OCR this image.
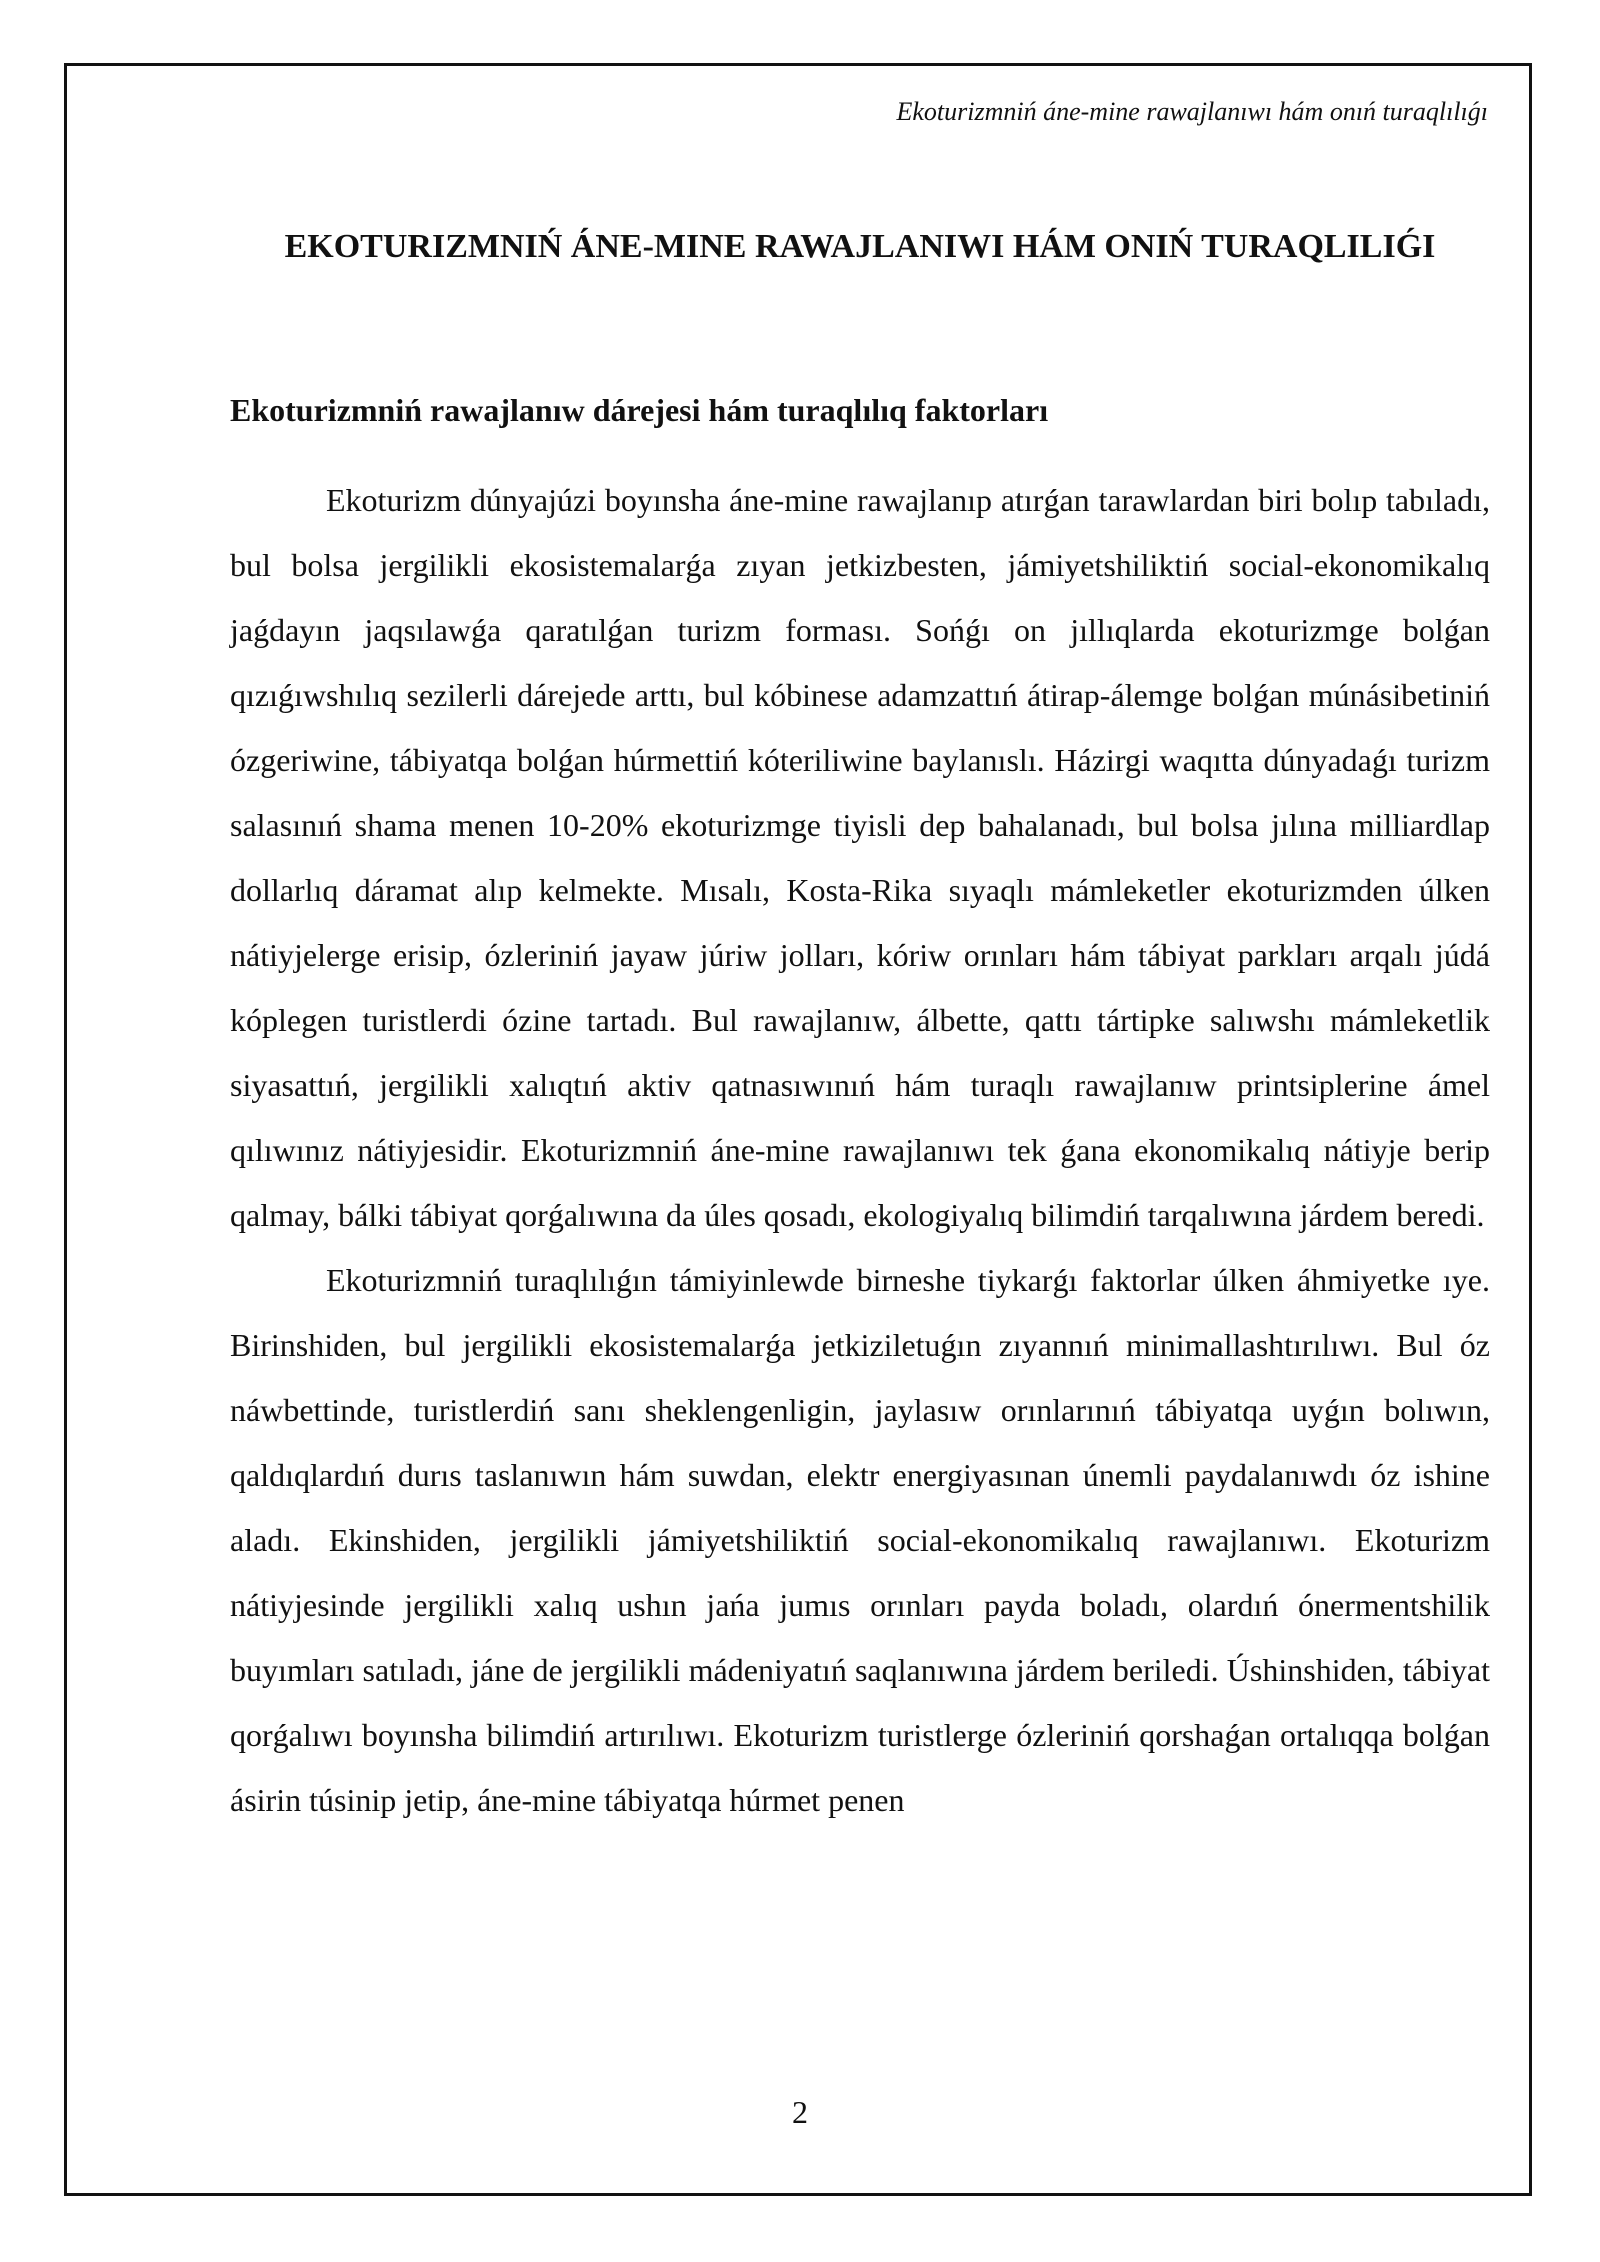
Ekoturizmniń áne-mine rawajlanıwı hám onıń turaqlılıǵı
EKOTURIZMNIŃ ÁNE-MINE RAWAJLANIWI HÁM ONIŃ TURAQLILIǴI
Ekoturizmniń rawajlanıw dárejesi hám turaqlılıq faktorları

Ekoturizm dúnyajúzi boyınsha áne-mine rawajlanıp atırǵan tarawlardan biri bolıp tabıladı, bul bolsa jergilikli ekosistemalarǵa zıyan jetkizbesten, jámiyetshiliktiń social-ekonomikalıq jaǵdayın jaqsılawǵa qaratılǵan turizm forması. Sońǵı on jıllıqlarda ekoturizmge bolǵan qızıǵıwshılıq sezilerli dárejede arttı, bul kóbinese adamzattıń átirap-álemge bolǵan múnásibetiniń ózgeriwine, tábiyatqa bolǵan húrmettiń kóteriliwine baylanıslı. Házirgi waqıtta dúnyadaǵı turizm salasınıń shama menen 10-20% ekoturizmge tiyisli dep bahalanadı, bul bolsa jılına milliardlap dollarlıq dáramat alıp kelmekte. Mısalı, Kosta-Rika sıyaqlı mámleketler ekoturizmden úlken nátiyjelerge erisip, ózleriniń jayaw júriw jolları, kóriw orınları hám tábiyat parkları arqalı júdá kóplegen turistlerdi ózine tartadı. Bul rawajlanıw, álbette, qattı tártipke salıwshı mámleketlik siyasattıń, jergilikli xalıqtıń aktiv qatnasıwınıń hám turaqlı rawajlanıw printsiplerine ámel qılıwınız nátiyjesidir. Ekoturizmniń áne-mine rawajlanıwı tek ǵana ekonomikalıq nátiyje berip qalmay, bálki tábiyat qorǵalıwına da úles qosadı, ekologiyalıq bilimdiń tarqalıwına járdem beredi.

Ekoturizmniń turaqlılıǵın támiyinlewde birneshe tiykarǵı faktorlar úlken áhmiyetke ıye. Birinshiden, bul jergilikli ekosistemalarǵa jetkiziletuǵın zıyannıń minimallashtırılıwı. Bul óz náwbettinde, turistlerdiń sanı sheklengenligin, jaylasıw orınlarınıń tábiyatqa uyǵın bolıwın, qaldıqlardıń durıs taslanıwın hám suwdan, elektr energiyasınan únemli paydalanıwdı óz ishine aladı. Ekinshiden, jergilikli jámiyetshiliktiń social-ekonomikalıq rawajlanıwı. Ekoturizm nátiyjesinde jergilikli xalıq ushın jańa jumıs orınları payda boladı, olardıń ónermentshilik buyımları satıladı, jáne de jergilikli mádeniyatıń saqlanıwına járdem beriledi. Úshinshiden, tábiyat qorǵalıwı boyınsha bilimdiń artırılıwı. Ekoturizm turistlerge ózleriniń qorshaǵan ortalıqqa bolǵan ásirin túsinip jetip, áne-mine tábiyatqa húrmet penen

2
